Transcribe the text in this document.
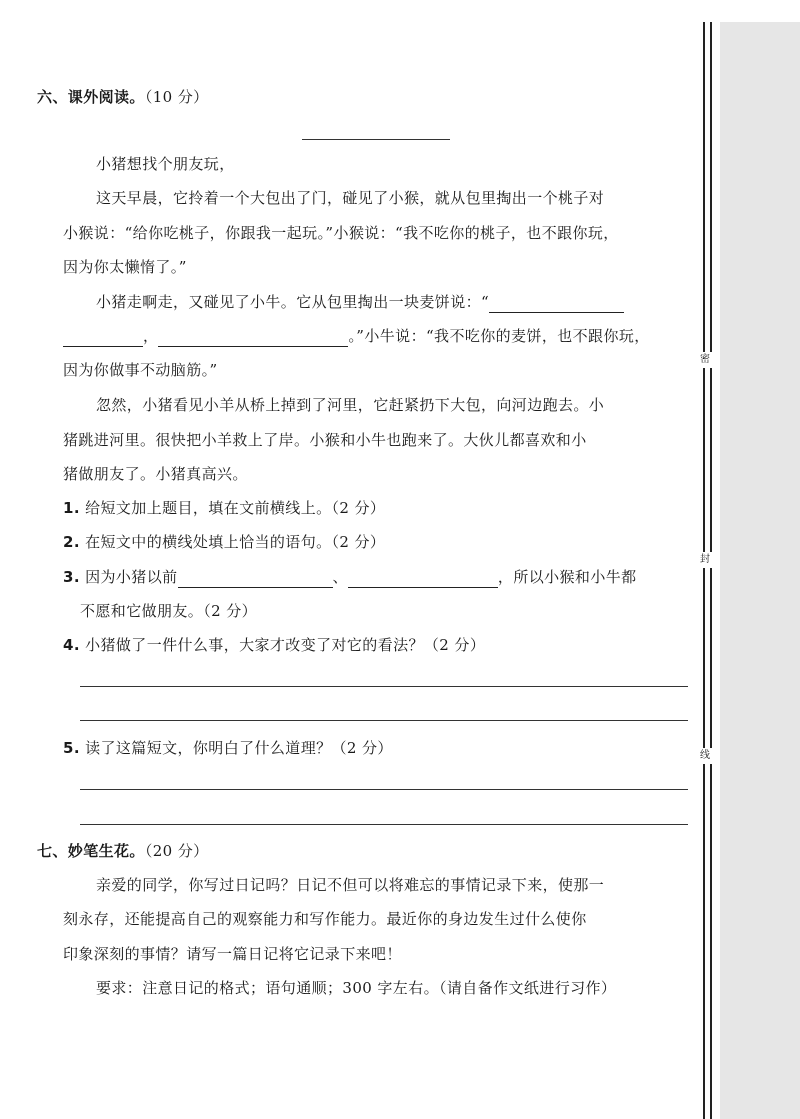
密
封
线
六、课外阅读。（10 分）
小猪想找个朋友玩，
这天早晨，它拎着一个大包出了门，碰见了小猴，就从包里掏出一个桃子对
小猴说：“给你吃桃子，你跟我一起玩。”小猴说：“我不吃你的桃子，也不跟你玩，
因为你太懒惰了。”
小猪走啊走，又碰见了小牛。它从包里掏出一块麦饼说：“
，	。”小牛说：“我不吃你的麦饼，也不跟你玩，
因为你做事不动脑筋。”
忽然，小猪看见小羊从桥上掉到了河里，它赶紧扔下大包，向河边跑去。小
猪跳进河里。很快把小羊救上了岸。小猴和小牛也跑来了。大伙儿都喜欢和小
猪做朋友了。小猪真高兴。
1. 给短文加上题目，填在文前横线上。（2 分）
2. 在短文中的横线处填上恰当的语句。（2 分）
3. 因为小猪以前	、	，所以小猴和小牛都
不愿和它做朋友。（2 分）
4. 小猪做了一件什么事，大家才改变了对它的看法？（2 分）
5. 读了这篇短文，你明白了什么道理？（2 分）
七、妙笔生花。（20 分）
亲爱的同学，你写过日记吗？日记不但可以将难忘的事情记录下来，使那一
刻永存，还能提高自己的观察能力和写作能力。最近你的身边发生过什么使你
印象深刻的事情？请写一篇日记将它记录下来吧！
要求：注意日记的格式；语句通顺；300 字左右。（请自备作文纸进行习作）
